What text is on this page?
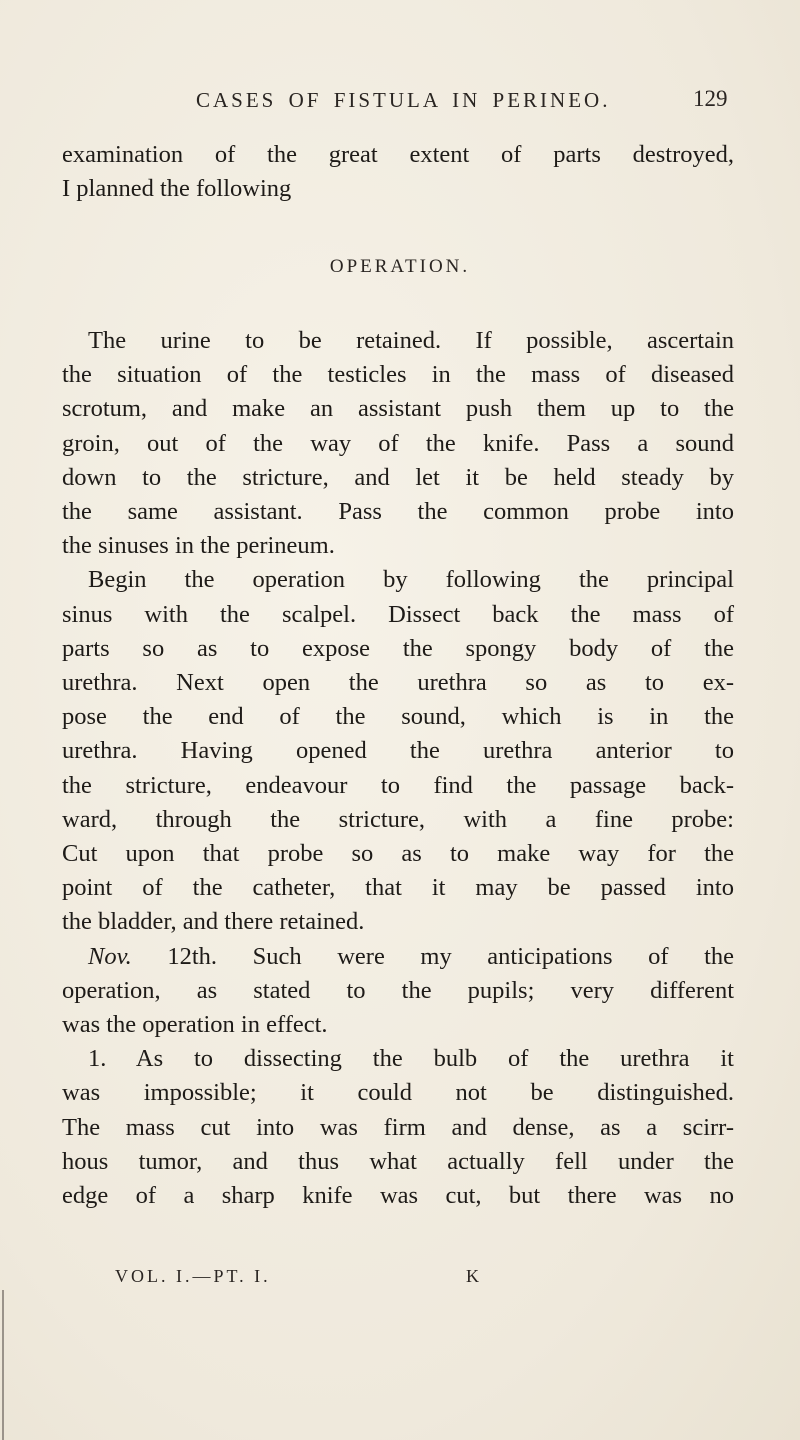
CASES OF FISTULA IN PERINEO.	129
examination of the great extent of parts destroyed,
I planned the following
OPERATION.
The urine to be retained. If possible, ascertain
the situation of the testicles in the mass of diseased
scrotum, and make an assistant push them up to the
groin, out of the way of the knife. Pass a sound
down to the stricture, and let it be held steady by
the same assistant. Pass the common probe into
the sinuses in the perineum.
Begin the operation by following the principal
sinus with the scalpel. Dissect back the mass of
parts so as to expose the spongy body of the
urethra. Next open the urethra so as to ex-
pose the end of the sound, which is in the
urethra. Having opened the urethra anterior to
the stricture, endeavour to find the passage back-
ward, through the stricture, with a fine probe:
Cut upon that probe so as to make way for the
point of the catheter, that it may be passed into
the bladder, and there retained.
Nov. 12th. Such were my anticipations of the
operation, as stated to the pupils; very different
was the operation in effect.
1. As to dissecting the bulb of the urethra it
was impossible; it could not be distinguished.
The mass cut into was firm and dense, as a scirr-
hous tumor, and thus what actually fell under the
edge of a sharp knife was cut, but there was no
VOL. I.—PT. I.	K
